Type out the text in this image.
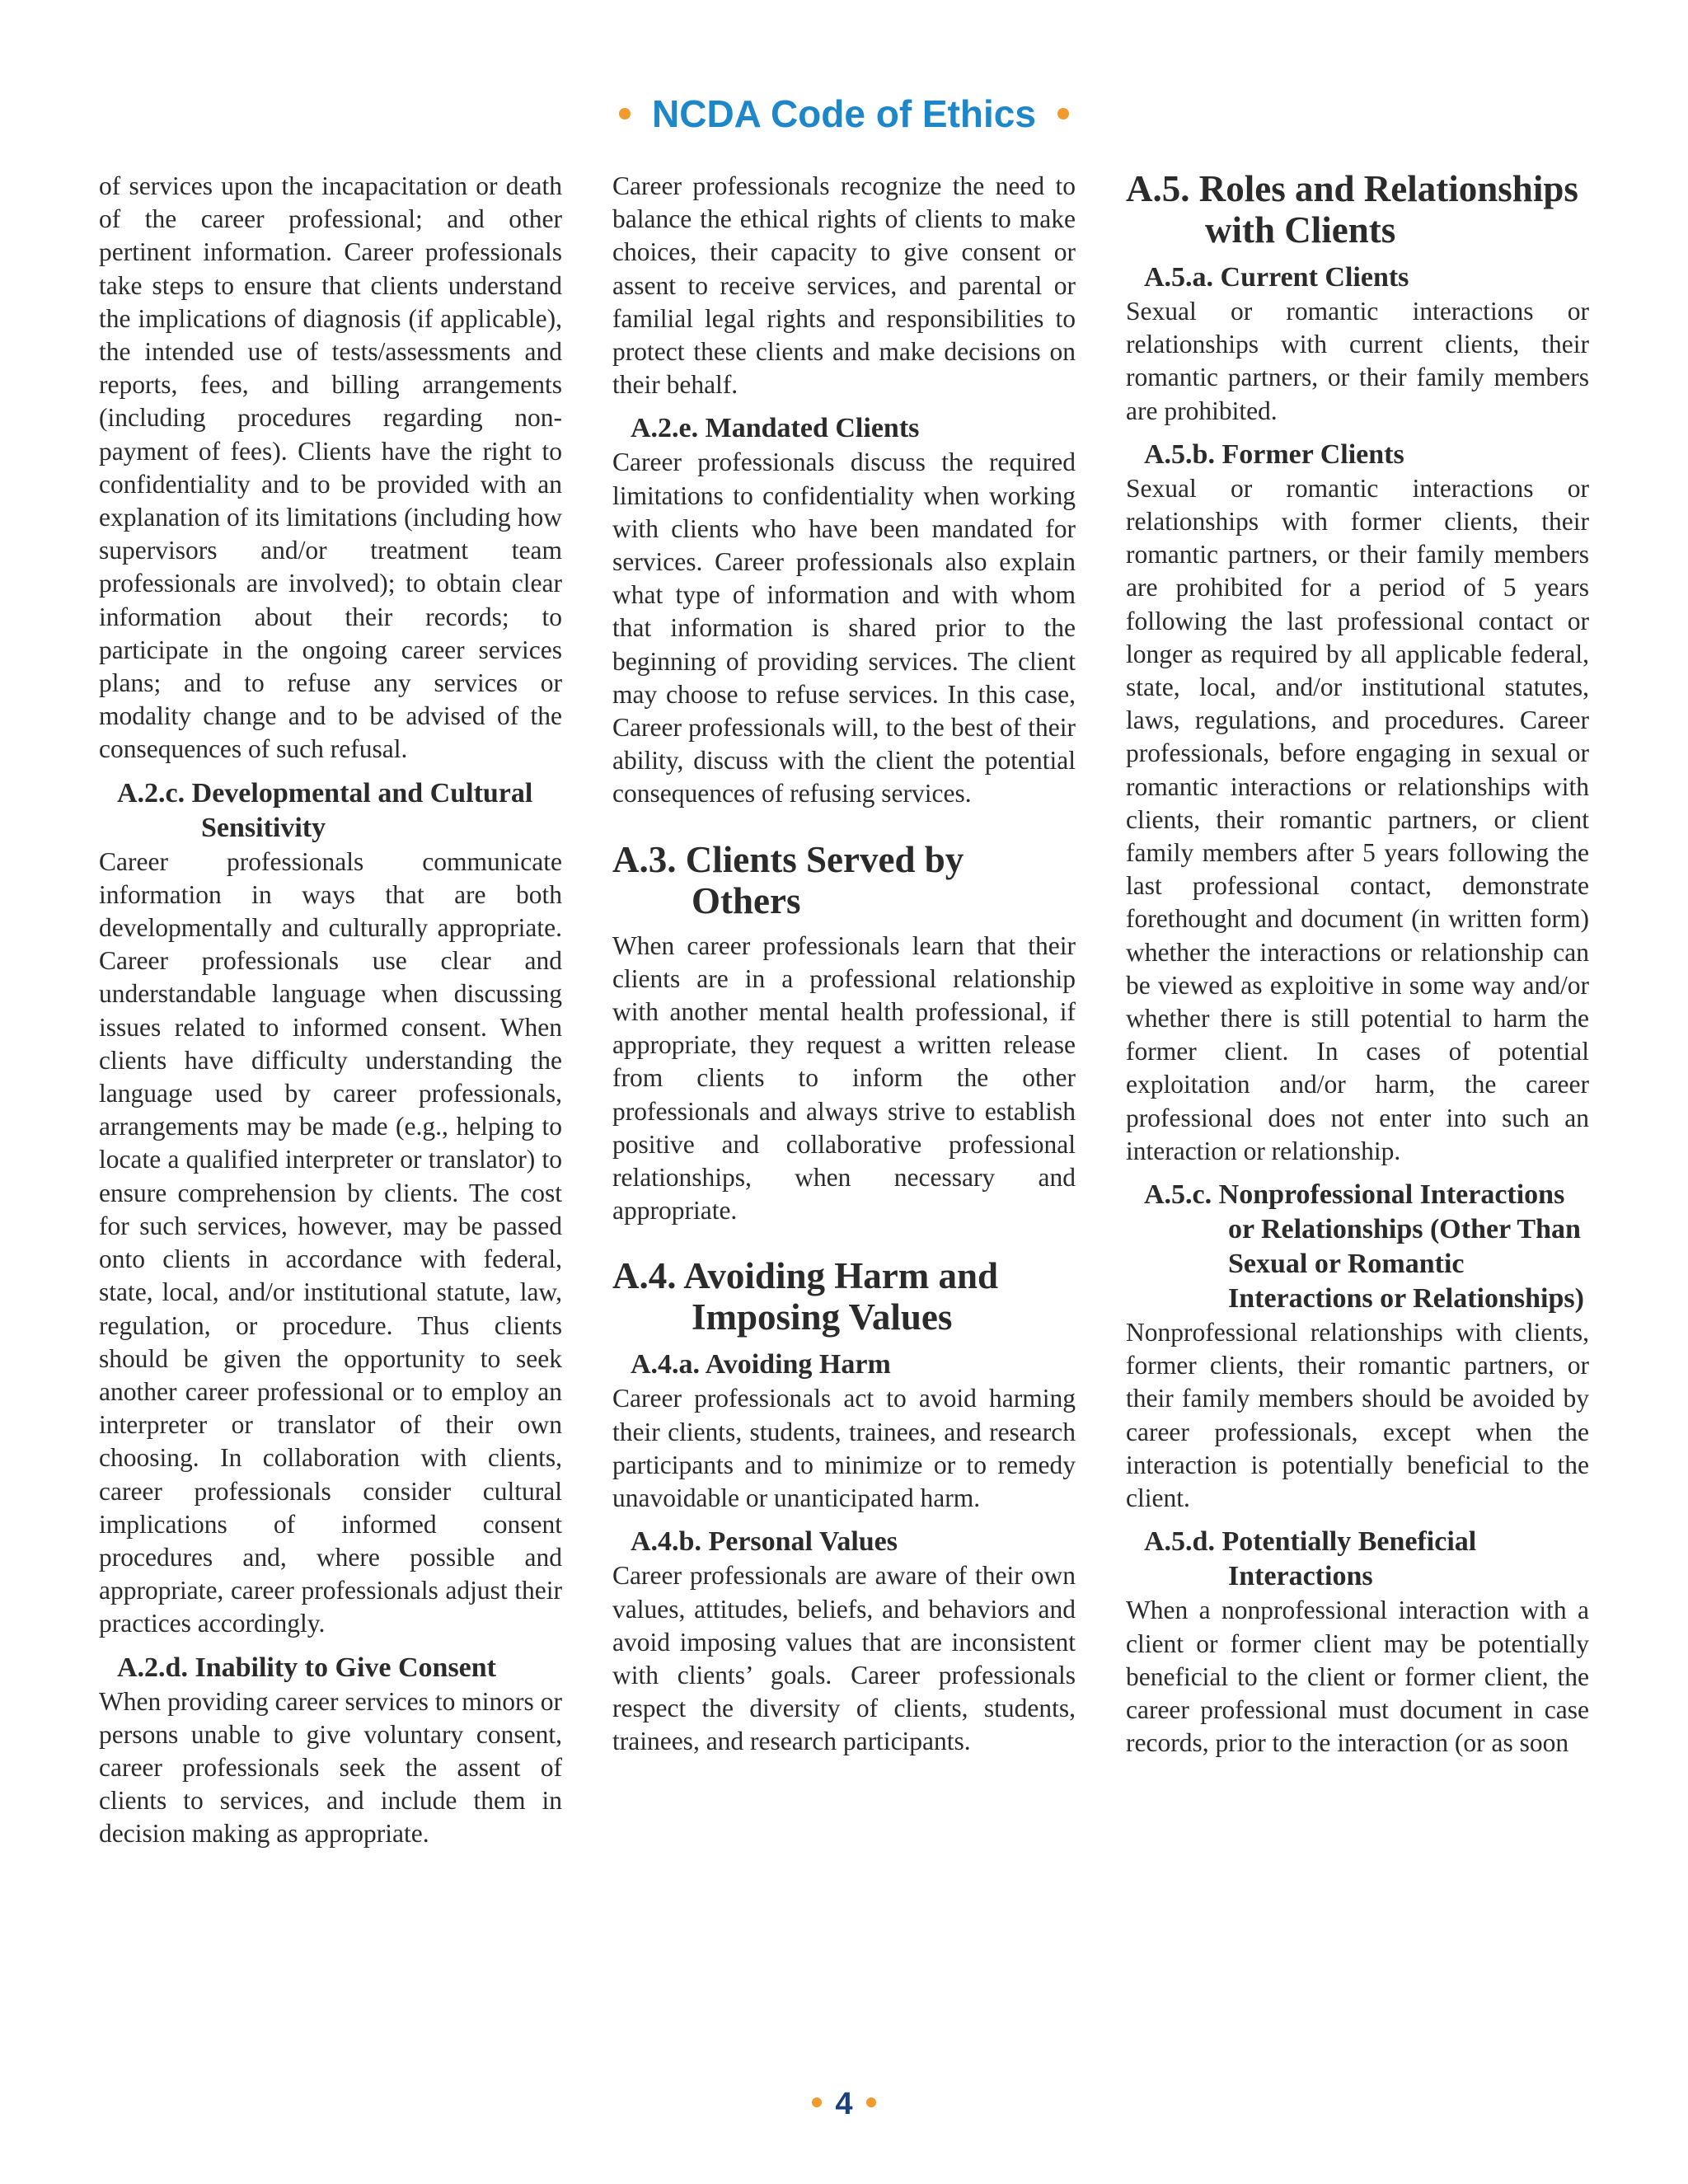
NCDA Code of Ethics

of services upon the incapacitation or death of the career professional; and other pertinent information. Career professionals take steps to ensure that clients understand the implications of diagnosis (if applicable), the intended use of tests/assessments and reports, fees, and billing arrangements (including procedures regarding non-payment of fees). Clients have the right to confidentiality and to be provided with an explanation of its limitations (including how supervisors and/or treatment team professionals are involved); to obtain clear information about their records; to participate in the ongoing career services plans; and to refuse any services or modality change and to be advised of the consequences of such refusal.

A.2.c. Developmental and Cultural Sensitivity

Career professionals communicate information in ways that are both developmentally and culturally appropriate. Career professionals use clear and understandable language when discussing issues related to informed consent. When clients have difficulty understanding the language used by career professionals, arrangements may be made (e.g., helping to locate a qualified interpreter or translator) to ensure comprehension by clients. The cost for such services, however, may be passed onto clients in accordance with federal, state, local, and/or institutional statute, law, regulation, or procedure. Thus clients should be given the opportunity to seek another career professional or to employ an interpreter or translator of their own choosing. In collaboration with clients, career professionals consider cultural implications of informed consent procedures and, where possible and appropriate, career professionals adjust their practices accordingly.

A.2.d. Inability to Give Consent

When providing career services to minors or persons unable to give voluntary consent, career professionals seek the assent of clients to services, and include them in decision making as appropriate.

Career professionals recognize the need to balance the ethical rights of clients to make choices, their capacity to give consent or assent to receive services, and parental or familial legal rights and responsibilities to protect these clients and make decisions on their behalf.

A.2.e. Mandated Clients

Career professionals discuss the required limitations to confidentiality when working with clients who have been mandated for services. Career professionals also explain what type of information and with whom that information is shared prior to the beginning of providing services. The client may choose to refuse services. In this case, Career professionals will, to the best of their ability, discuss with the client the potential consequences of refusing services.

A.3. Clients Served by Others

When career professionals learn that their clients are in a professional relationship with another mental health professional, if appropriate, they request a written release from clients to inform the other professionals and always strive to establish positive and collaborative professional relationships, when necessary and appropriate.

A.4. Avoiding Harm and Imposing Values
A.4.a. Avoiding Harm

Career professionals act to avoid harming their clients, students, trainees, and research participants and to minimize or to remedy unavoidable or unanticipated harm.

A.4.b. Personal Values

Career professionals are aware of their own values, attitudes, beliefs, and behaviors and avoid imposing values that are inconsistent with clients’ goals. Career professionals respect the diversity of clients, students, trainees, and research participants.

A.5. Roles and Relationships with Clients
A.5.a. Current Clients

Sexual or romantic interactions or relationships with current clients, their romantic partners, or their family members are prohibited.

A.5.b. Former Clients

Sexual or romantic interactions or relationships with former clients, their romantic partners, or their family members are prohibited for a period of 5 years following the last professional contact or longer as required by all applicable federal, state, local, and/or institutional statutes, laws, regulations, and procedures. Career professionals, before engaging in sexual or romantic interactions or relationships with clients, their romantic partners, or client family members after 5 years following the last professional contact, demonstrate forethought and document (in written form) whether the interactions or relationship can be viewed as exploitive in some way and/or whether there is still potential to harm the former client. In cases of potential exploitation and/or harm, the career professional does not enter into such an interaction or relationship.

A.5.c. Nonprofessional Interactions or Relationships (Other Than Sexual or Romantic Interactions or Relationships)

Nonprofessional relationships with clients, former clients, their romantic partners, or their family members should be avoided by career professionals, except when the interaction is potentially beneficial to the client.

A.5.d. Potentially Beneficial Interactions

When a nonprofessional interaction with a client or former client may be potentially beneficial to the client or former client, the career professional must document in case records, prior to the interaction (or as soon

4
